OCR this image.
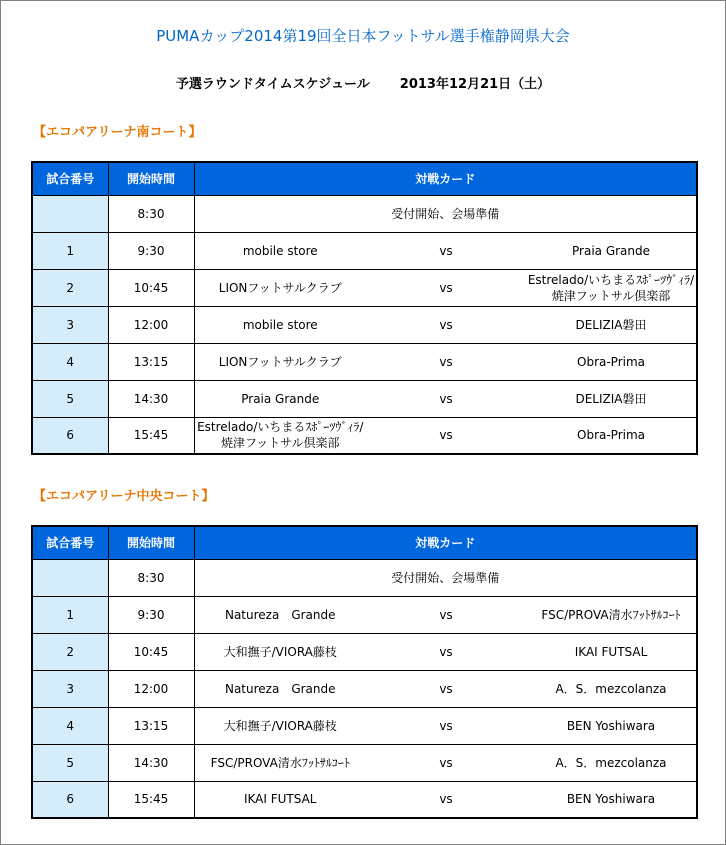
PUMAカップ2014第19回全日本フットサル選手権静岡県大会
予選ラウンドタイムスケジュール 2013年12月21日（土）
【エコパアリーナ南コート】
試合番号	開始時間	対戦カード		
	8:30	受付開始、会場準備		
1	9:30	mobile store	vs	Praia Grande
2	10:45	LIONフットサルクラブ	vs	Estrelado/いちまるｽﾎﾟｰﾂｳﾞｨﾗ/
焼津フットサル倶楽部
3	12:00	mobile store	vs	DELIZIA磐田
4	13:15	LIONフットサルクラブ	vs	Obra-Prima
5	14:30	Praia Grande	vs	DELIZIA磐田
6	15:45	Estrelado/いちまるｽﾎﾟｰﾂｳﾞｨﾗ/
焼津フットサル倶楽部	vs	Obra-Prima
【エコパアリーナ中央コート】
試合番号	開始時間	対戦カード		
	8:30	受付開始、会場準備		
1	9:30	Natureza　Grande	vs	FSC/PROVA清水ﾌｯﾄｻﾙｺｰﾄ
2	10:45	大和撫子/VIORA藤枝	vs	IKAI FUTSAL
3	12:00	Natureza　Grande	vs	A．S．mezcolanza
4	13:15	大和撫子/VIORA藤枝	vs	BEN Yoshiwara
5	14:30	FSC/PROVA清水ﾌｯﾄｻﾙｺｰﾄ	vs	A．S．mezcolanza
6	15:45	IKAI FUTSAL	vs	BEN Yoshiwara
